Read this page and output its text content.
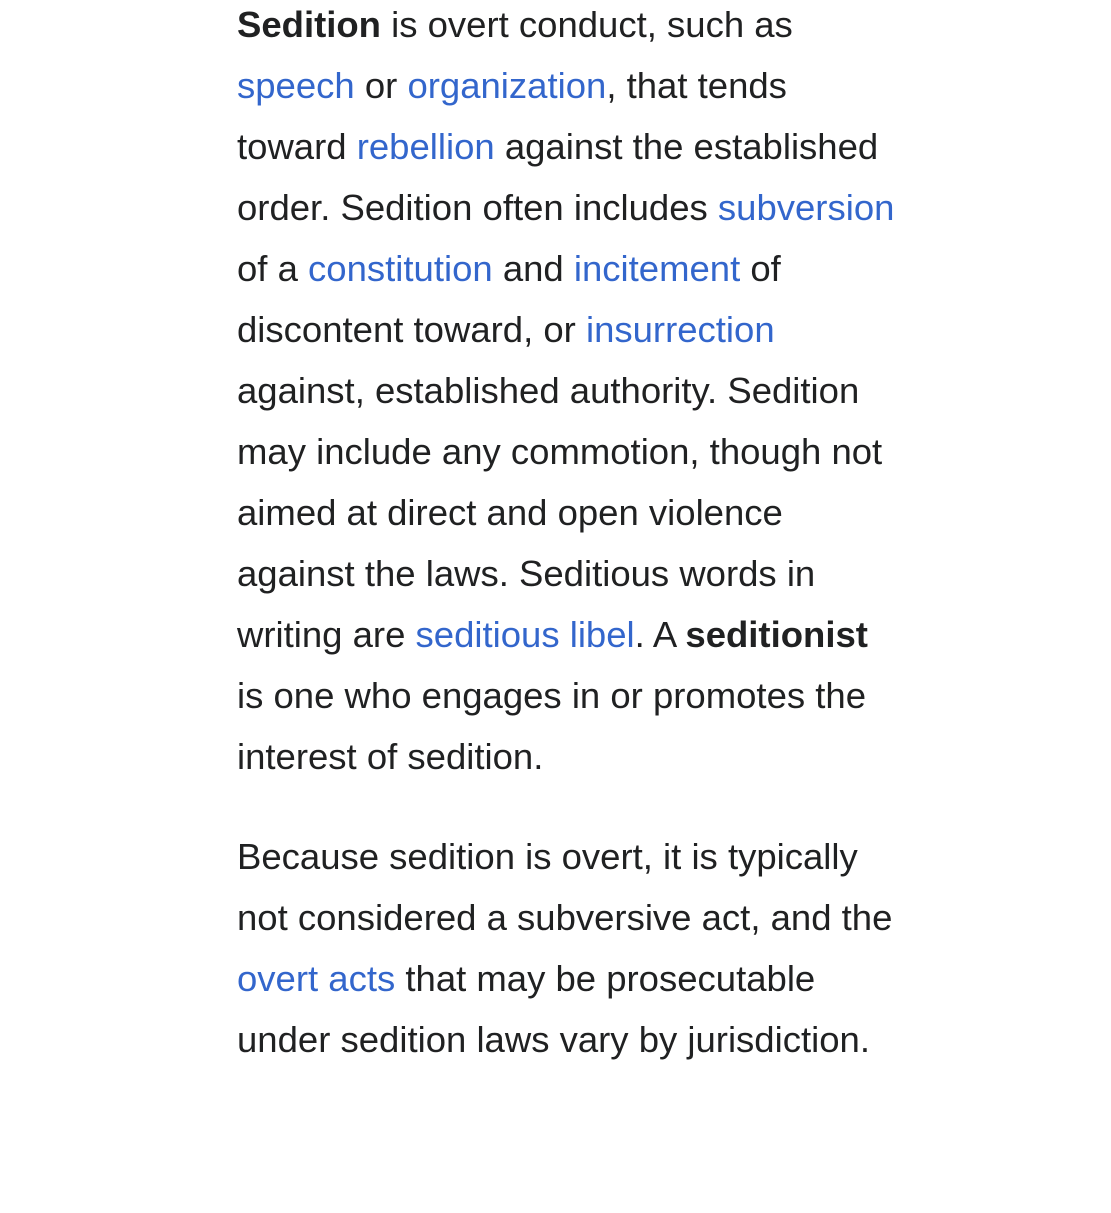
Sedition is overt conduct, such as speech or organization, that tends toward rebellion against the established order. Sedition often includes subversion of a constitution and incitement of discontent toward, or insurrection against, established authority. Sedition may include any commotion, though not aimed at direct and open violence against the laws. Seditious words in writing are seditious libel. A seditionist is one who engages in or promotes the interest of sedition.

Because sedition is overt, it is typically not considered a subversive act, and the overt acts that may be prosecutable under sedition laws vary by jurisdiction.
